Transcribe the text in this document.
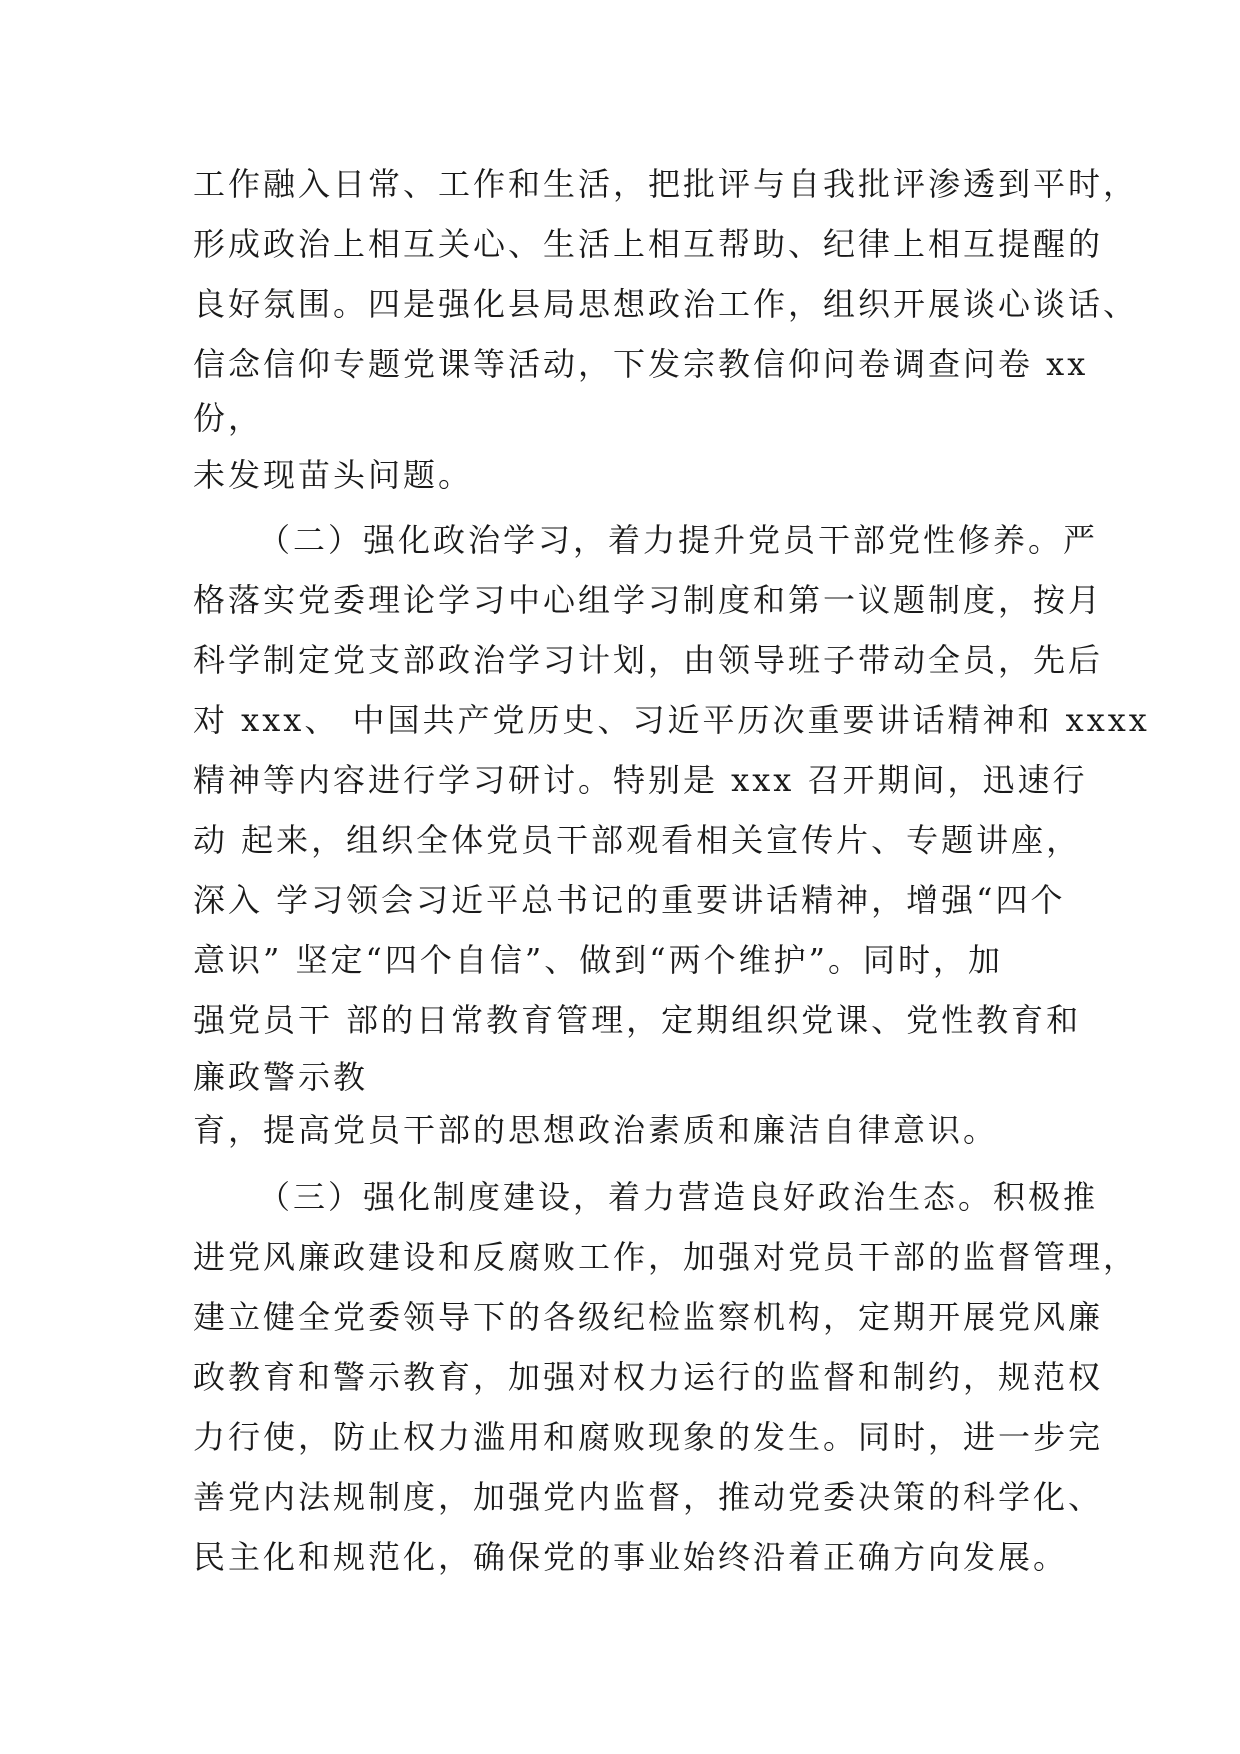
工作融入日常、工作和生活，把批评与自我批评渗透到平时，
形成政治上相互关心、生活上相互帮助、纪律上相互提醒的
良好氛围。四是强化县局思想政治工作，组织开展谈心谈话、
信念信仰专题党课等活动，下发宗教信仰问卷调查问卷 xx
份，
未发现苗头问题。
（二）强化政治学习，着力提升党员干部党性修养。严
格落实党委理论学习中心组学习制度和第一议题制度，按月
科学制定党支部政治学习计划，由领导班子带动全员，先后
对 xxx、 中国共产党历史、习近平历次重要讲话精神和 xxxx
精神等内容进行学习研讨。特别是 xxx 召开期间，迅速行
动 起来，组织全体党员干部观看相关宣传片、专题讲座，
深入 学习领会习近平总书记的重要讲话精神，增强“四个
意识” 坚定“四个自信”、做到“两个维护”。同时，加
强党员干 部的日常教育管理，定期组织党课、党性教育和
廉政警示教
育，提高党员干部的思想政治素质和廉洁自律意识。
（三）强化制度建设，着力营造良好政治生态。积极推
进党风廉政建设和反腐败工作，加强对党员干部的监督管理，
建立健全党委领导下的各级纪检监察机构，定期开展党风廉
政教育和警示教育，加强对权力运行的监督和制约，规范权
力行使，防止权力滥用和腐败现象的发生。同时，进一步完
善党内法规制度，加强党内监督，推动党委决策的科学化、
民主化和规范化，确保党的事业始终沿着正确方向发展。
